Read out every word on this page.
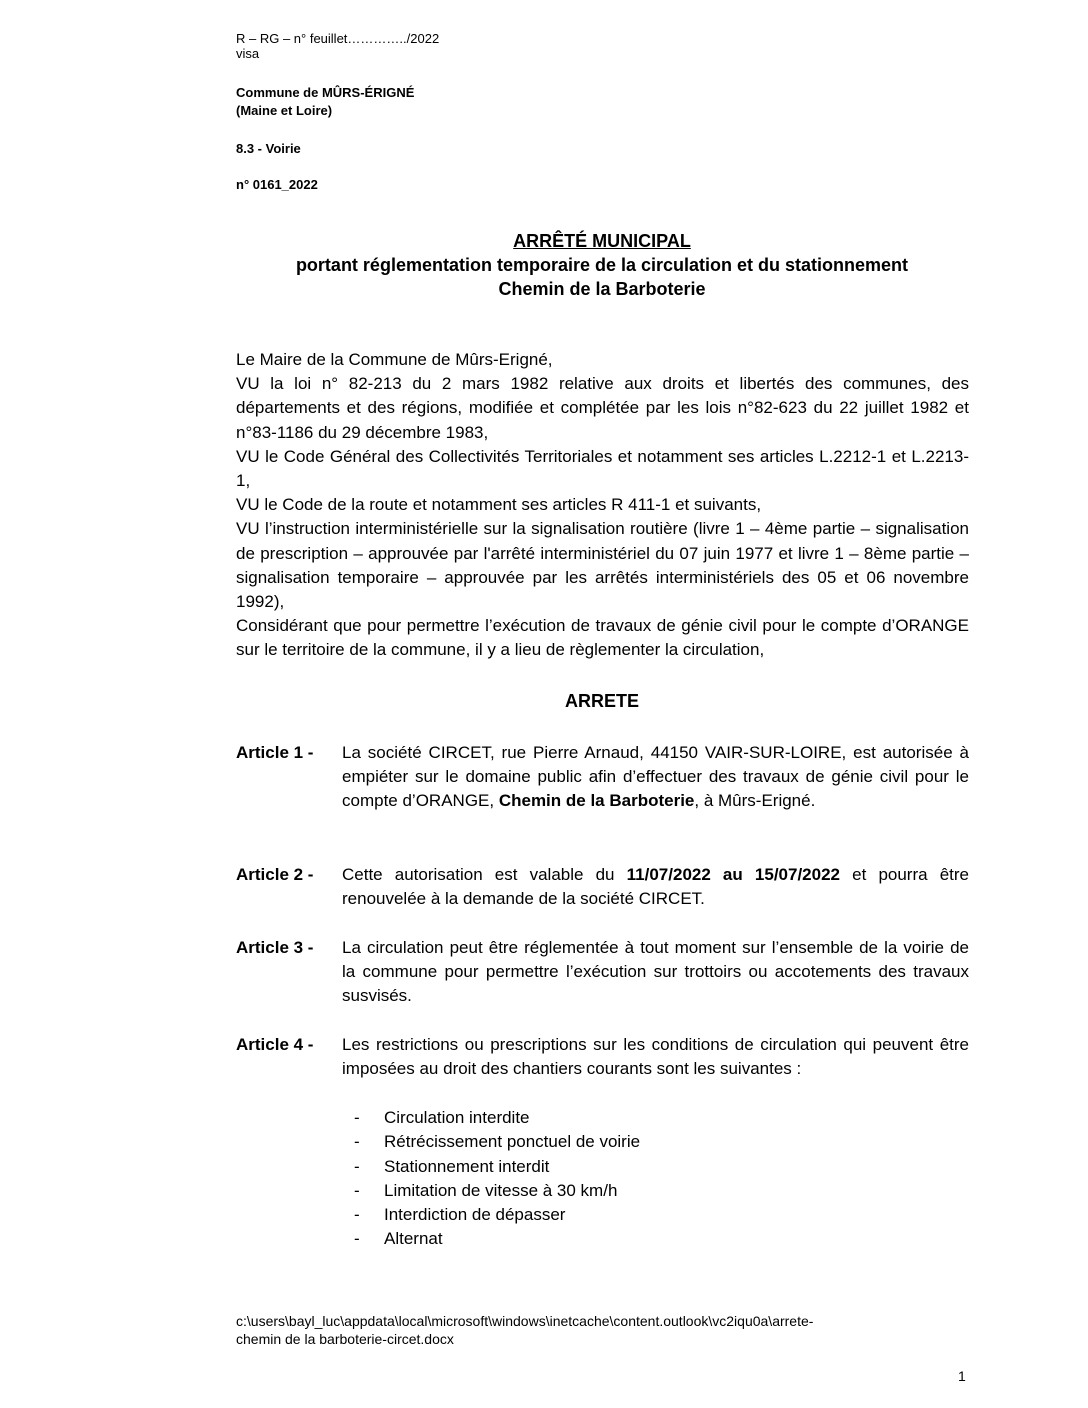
R – RG – n° feuillet…………../2022
visa
Commune de MÛRS-ÉRIGNÉ
(Maine et Loire)
8.3 - Voirie
n° 0161_2022
ARRÊTÉ MUNICIPAL
portant réglementation temporaire de la circulation et du stationnement
Chemin de la Barboterie

Le Maire de la Commune de Mûrs-Erigné,

VU la loi n° 82-213 du 2 mars 1982 relative aux droits et libertés des communes, des départements et des régions, modifiée et complétée par les lois n°82-623 du 22 juillet 1982 et n°83-1186 du 29 décembre 1983,

VU le Code Général des Collectivités Territoriales et notamment ses articles L.2212-1 et L.2213-1,

VU le Code de la route et notamment ses articles R 411-1 et suivants,

VU l’instruction interministérielle sur la signalisation routière (livre 1 – 4ème partie – signalisation de prescription – approuvée par l'arrêté interministériel du 07 juin 1977 et livre 1 – 8ème partie – signalisation temporaire – approuvée par les arrêtés interministériels des 05 et 06 novembre 1992),

Considérant que pour permettre l’exécution de travaux de génie civil pour le compte d’ORANGE sur le territoire de la commune, il y a lieu de règlementer la circulation,

ARRETE
Article 1 - La société CIRCET, rue Pierre Arnaud, 44150 VAIR-SUR-LOIRE, est autorisée à empiéter sur le domaine public afin d’effectuer des travaux de génie civil pour le compte d’ORANGE, Chemin de la Barboterie, à Mûrs-Erigné.
Article 2 - Cette autorisation est valable du 11/07/2022 au 15/07/2022 et pourra être renouvelée à la demande de la société CIRCET.
Article 3 - La circulation peut être réglementée à tout moment sur l’ensemble de la voirie de la commune pour permettre l’exécution sur trottoirs ou accotements des travaux susvisés.
Article 4 - Les restrictions ou prescriptions sur les conditions de circulation qui peuvent être imposées au droit des chantiers courants sont les suivantes :
- Circulation interdite
- Rétrécissement ponctuel de voirie
- Stationnement interdit
- Limitation de vitesse à 30 km/h
- Interdiction de dépasser
- Alternat
c:\users\bayl_luc\appdata\local\microsoft\windows\inetcache\content.outlook\vc2iqu0a\arrete-
chemin de la barboterie-circet.docx
1
